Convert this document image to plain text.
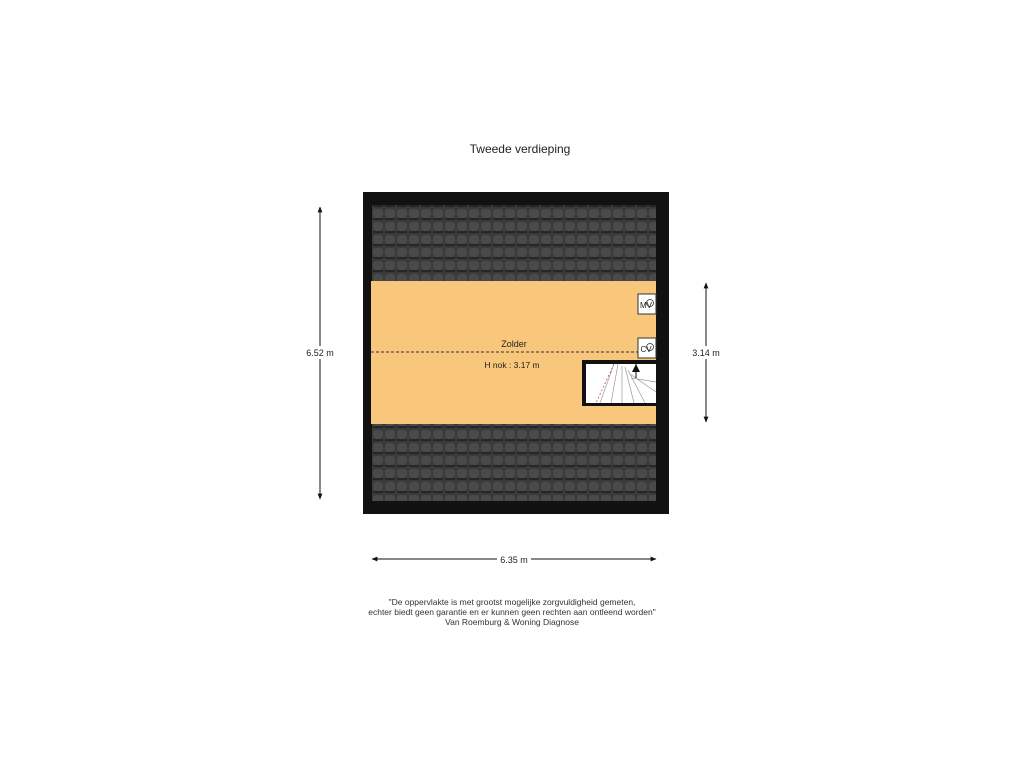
Tweede verdieping
Zolder
H nok : 3.17 m
MV
CV
6.52 m	3.14 m
6.35 m
"De oppervlakte is met grootst mogelijke zorgvuldigheid gemeten,
echter biedt geen garantie en er kunnen geen rechten aan ontleend worden"
Van Roemburg & Woning Diagnose
